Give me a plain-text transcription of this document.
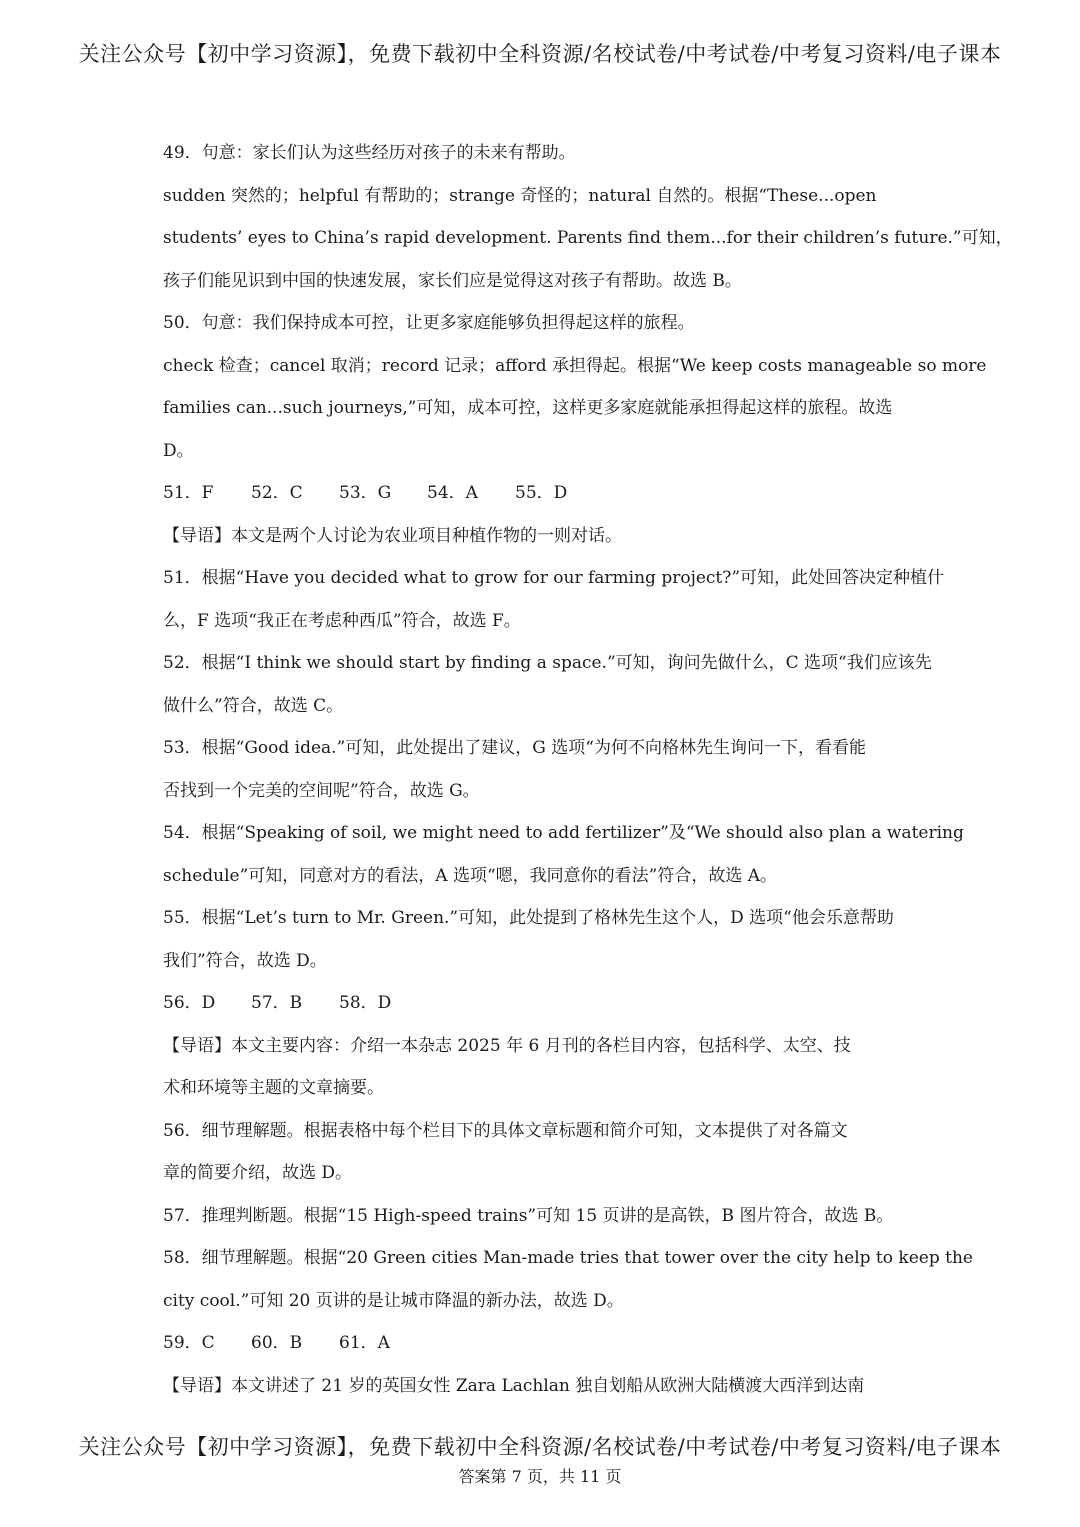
关注公众号【初中学习资源】，免费下载初中全科资源/名校试卷/中考试卷/中考复习资料/电子课本
49．句意：家长们认为这些经历对孩子的未来有帮助。
sudden 突然的；helpful 有帮助的；strange 奇怪的；natural 自然的。根据“These...open
students’ eyes to China’s rapid development. Parents find them...for their children’s future.”可知，
孩子们能见识到中国的快速发展，家长们应是觉得这对孩子有帮助。故选 B。
50．句意：我们保持成本可控，让更多家庭能够负担得起这样的旅程。
check 检查；cancel 取消；record 记录；afford 承担得起。根据“We keep costs manageable so more
families can...such journeys,”可知，成本可控，这样更多家庭就能承担得起这样的旅程。故选
D。
51．F 52．C 53．G 54．A 55．D
【导语】本文是两个人讨论为农业项目种植作物的一则对话。
51．根据“Have you decided what to grow for our farming project?”可知，此处回答决定种植什
么，F 选项“我正在考虑种西瓜”符合，故选 F。
52．根据“I think we should start by finding a space.”可知，询问先做什么，C 选项“我们应该先
做什么”符合，故选 C。
53．根据“Good idea.”可知，此处提出了建议，G 选项“为何不向格林先生询问一下，看看能
否找到一个完美的空间呢”符合，故选 G。
54．根据“Speaking of soil, we might need to add fertilizer”及“We should also plan a watering
schedule”可知，同意对方的看法，A 选项“嗯，我同意你的看法”符合，故选 A。
55．根据“Let’s turn to Mr. Green.”可知，此处提到了格林先生这个人，D 选项“他会乐意帮助
我们”符合，故选 D。
56．D 57．B 58．D
【导语】本文主要内容：介绍一本杂志 2025 年 6 月刊的各栏目内容，包括科学、太空、技
术和环境等主题的文章摘要。
56．细节理解题。根据表格中每个栏目下的具体文章标题和简介可知，文本提供了对各篇文
章的简要介绍，故选 D。
57．推理判断题。根据“15 High-speed trains”可知 15 页讲的是高铁，B 图片符合，故选 B。
58．细节理解题。根据“20 Green cities Man-made tries that tower over the city help to keep the
city cool.”可知 20 页讲的是让城市降温的新办法，故选 D。
59．C 60．B 61．A
【导语】本文讲述了 21 岁的英国女性 Zara Lachlan 独自划船从欧洲大陆横渡大西洋到达南
关注公众号【初中学习资源】，免费下载初中全科资源/名校试卷/中考试卷/中考复习资料/电子课本
答案第 7 页，共 11 页
